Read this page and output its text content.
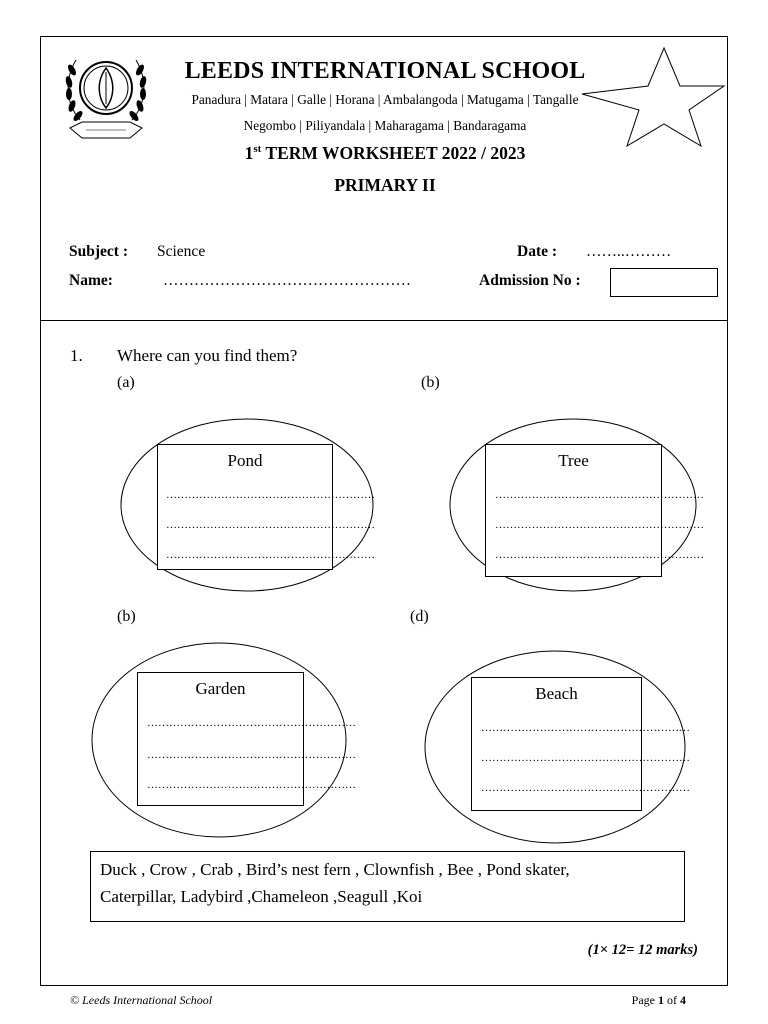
LEEDS INTERNATIONAL SCHOOL
Panadura | Matara | Galle | Horana | Ambalangoda | Matugama | Tangalle
Negombo | Piliyandala | Maharagama | Bandaragama
1st TERM WORKSHEET 2022 / 2023
PRIMARY II
Subject : Science	Date : ……..………
Name:	…………………………………………	Admission No :
1. Where can you find them?
(a)	(b)
(b)	(d)
Pond
…………………………………………………
…………………………………………………
…………………………………………………
Tree
…………………………………………………
…………………………………………………
…………………………………………………
Garden
…………………………………………………
…………………………………………………
…………………………………………………
Beach
…………………………………………………
…………………………………………………
…………………………………………………
Duck , Crow , Crab , Bird’s nest fern , Clownfish , Bee , Pond skater,
Caterpillar, Ladybird ,Chameleon ,Seagull ,Koi
(1× 12= 12 marks)
© Leeds International School	Page 1 of 4
